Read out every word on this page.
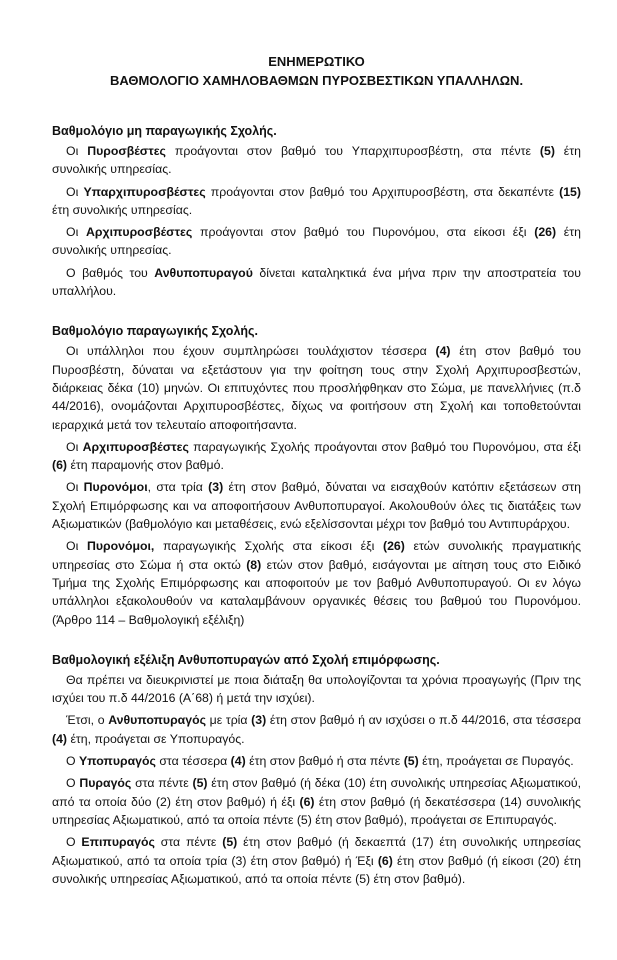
ΕΝΗΜΕΡΩΤΙΚΟ
ΒΑΘΜΟΛΟΓΙΟ ΧΑΜΗΛΟΒΑΘΜΩΝ ΠΥΡΟΣΒΕΣΤΙΚΩΝ ΥΠΑΛΛΗΛΩΝ.
Βαθμολόγιο μη παραγωγικής Σχολής.

Οι Πυροσβέστες προάγονται στον βαθμό του Υπαρχιπυροσβέστη, στα πέντε (5) έτη συνολικής υπηρεσίας.

Οι Υπαρχιπυροσβέστες προάγονται στον βαθμό του Αρχιπυροσβέστη, στα δεκαπέντε (15) έτη συνολικής υπηρεσίας.

Οι Αρχιπυροσβέστες προάγονται στον βαθμό του Πυρονόμου, στα είκοσι έξι (26) έτη συνολικής υπηρεσίας.

Ο βαθμός του Ανθυποπυραγού δίνεται καταληκτικά ένα μήνα πριν την αποστρατεία του υπαλλήλου.

Βαθμολόγιο παραγωγικής Σχολής.

Οι υπάλληλοι που έχουν συμπληρώσει τουλάχιστον τέσσερα (4) έτη στον βαθμό του Πυροσβέστη, δύναται να εξετάστουν για την φοίτηση τους στην Σχολή Αρχιπυροσβεστών, διάρκειας δέκα (10) μηνών. Οι επιτυχόντες που προσλήφθηκαν στο Σώμα, με πανελλήνιες (π.δ 44/2016), ονομάζονται Αρχιπυροσβέστες, δίχως να φοιτήσουν στη Σχολή και τοποθετούνται ιεραρχικά μετά τον τελευταίο αποφοιτήσαντα.

Οι Αρχιπυροσβέστες παραγωγικής Σχολής προάγονται στον βαθμό του Πυρονόμου, στα έξι (6) έτη παραμονής στον βαθμό.

Οι Πυρονόμοι, στα τρία (3) έτη στον βαθμό, δύναται να εισαχθούν κατόπιν εξετάσεων στη Σχολή Επιμόρφωσης και να αποφοιτήσουν Ανθυποπυραγοί. Ακολουθούν όλες τις διατάξεις των Αξιωματικών (βαθμολόγιο και μεταθέσεις, ενώ εξελίσσονται μέχρι τον βαθμό του Αντιπυράρχου.

Οι Πυρονόμοι, παραγωγικής Σχολής στα είκοσι έξι (26) ετών συνολικής πραγματικής υπηρεσίας στο Σώμα ή στα οκτώ (8) ετών στον βαθμό, εισάγονται με αίτηση τους στο Ειδικό Τμήμα της Σχολής Επιμόρφωσης και αποφοιτούν με τον βαθμό Ανθυποπυραγού. Οι εν λόγω υπάλληλοι εξακολουθούν να καταλαμβάνουν οργανικές θέσεις του βαθμού του Πυρονόμου. (Άρθρο 114 – Βαθμολογική εξέλιξη)

Βαθμολογική εξέλιξη Ανθυποπυραγών από Σχολή επιμόρφωσης.

Θα πρέπει να διευκρινιστεί με ποια διάταξη θα υπολογίζονται τα χρόνια προαγωγής (Πριν της ισχύει του π.δ 44/2016 (Α΄68) ή μετά την ισχύει).

Έτσι, ο Ανθυποπυραγός με τρία (3) έτη στον βαθμό ή αν ισχύσει ο π.δ 44/2016, στα τέσσερα (4) έτη, προάγεται σε Υποπυραγός.

Ο Υποπυραγός στα τέσσερα (4) έτη στον βαθμό ή στα πέντε (5) έτη, προάγεται σε Πυραγός.

Ο Πυραγός στα πέντε (5) έτη στον βαθμό (ή δέκα (10) έτη συνολικής υπηρεσίας Αξιωματικού, από τα οποία δύο (2) έτη στον βαθμό) ή έξι (6) έτη στον βαθμό (ή δεκατέσσερα (14) συνολικής υπηρεσίας Αξιωματικού, από τα οποία πέντε (5) έτη στον βαθμό), προάγεται σε Επιπυραγός.

Ο Επιπυραγός στα πέντε (5) έτη στον βαθμό (ή δεκαεπτά (17) έτη συνολικής υπηρεσίας Αξιωματικού, από τα οποία τρία (3) έτη στον βαθμό) ή Έξι (6) έτη στον βαθμό (ή είκοσι (20) έτη συνολικής υπηρεσίας Αξιωματικού, από τα οποία πέντε (5) έτη στον βαθμό).
